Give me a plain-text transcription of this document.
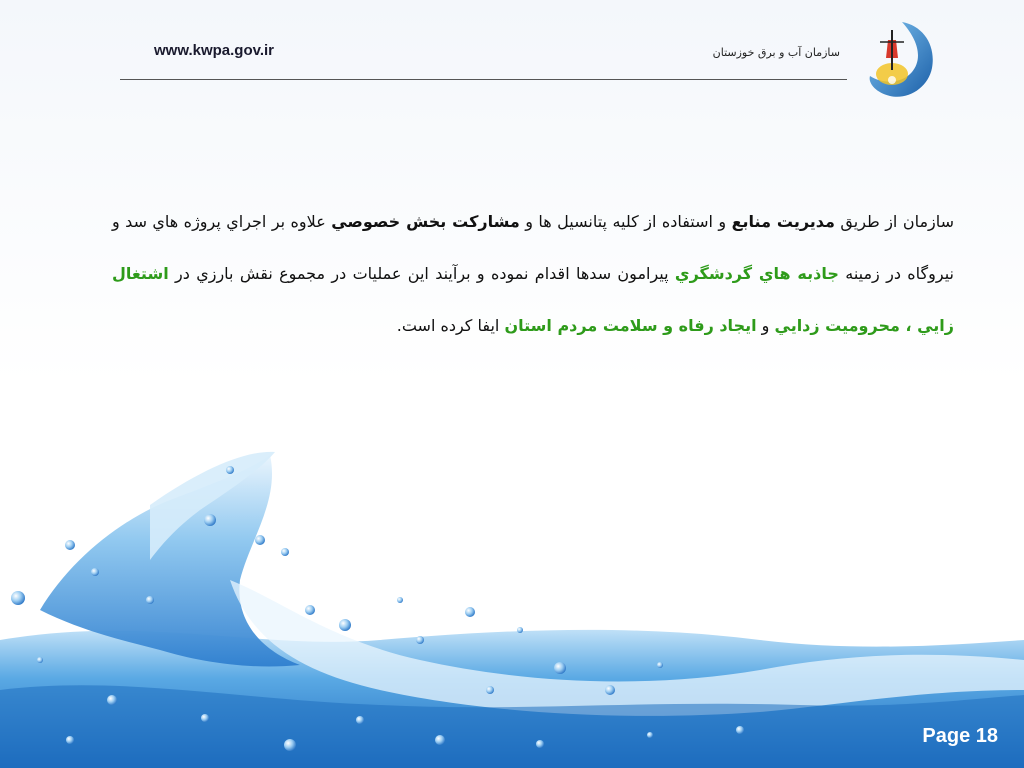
www.kwpa.gov.ir	سازمان آب و برق خوزستان
سازمان از طريق مديريت منابع و استفاده از كليه پتانسيل ها و مشاركت بخش خصوصي علاوه بر اجراي پروژه هاي سد و نيروگاه در زمينه جاذبه هاي گردشگري پيرامون سدها اقدام نموده و برآيند اين عمليات در مجموع نقش بارزي در اشتغال زايي ، محروميت زدايي و ايجاد رفاه و سلامت مردم استان ايفا كرده است.
Page 18
